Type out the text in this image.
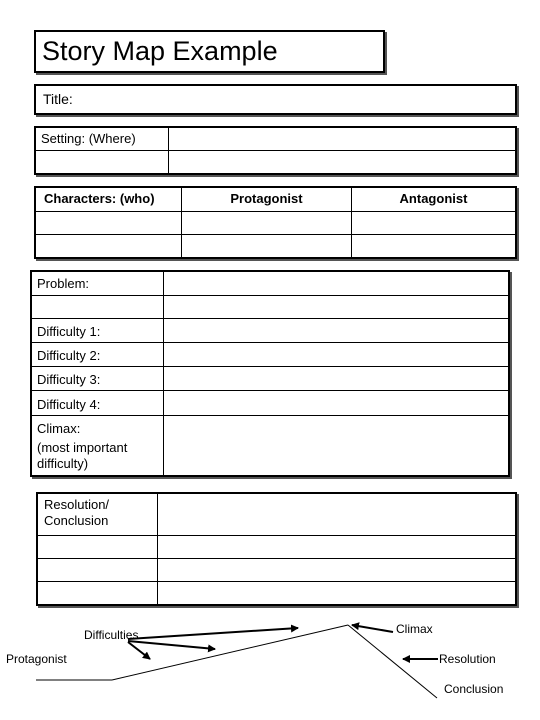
Story Map Example
Title:
Setting: (Where)
Characters: (who)	Protagonist	Antagonist
Problem:
Difficulty 1:
Difficulty 2:
Difficulty 3:
Difficulty 4:
Climax:
(most important difficulty)
Resolution/ Conclusion
Difficulties
Protagonist
Climax
Resolution
Conclusion
